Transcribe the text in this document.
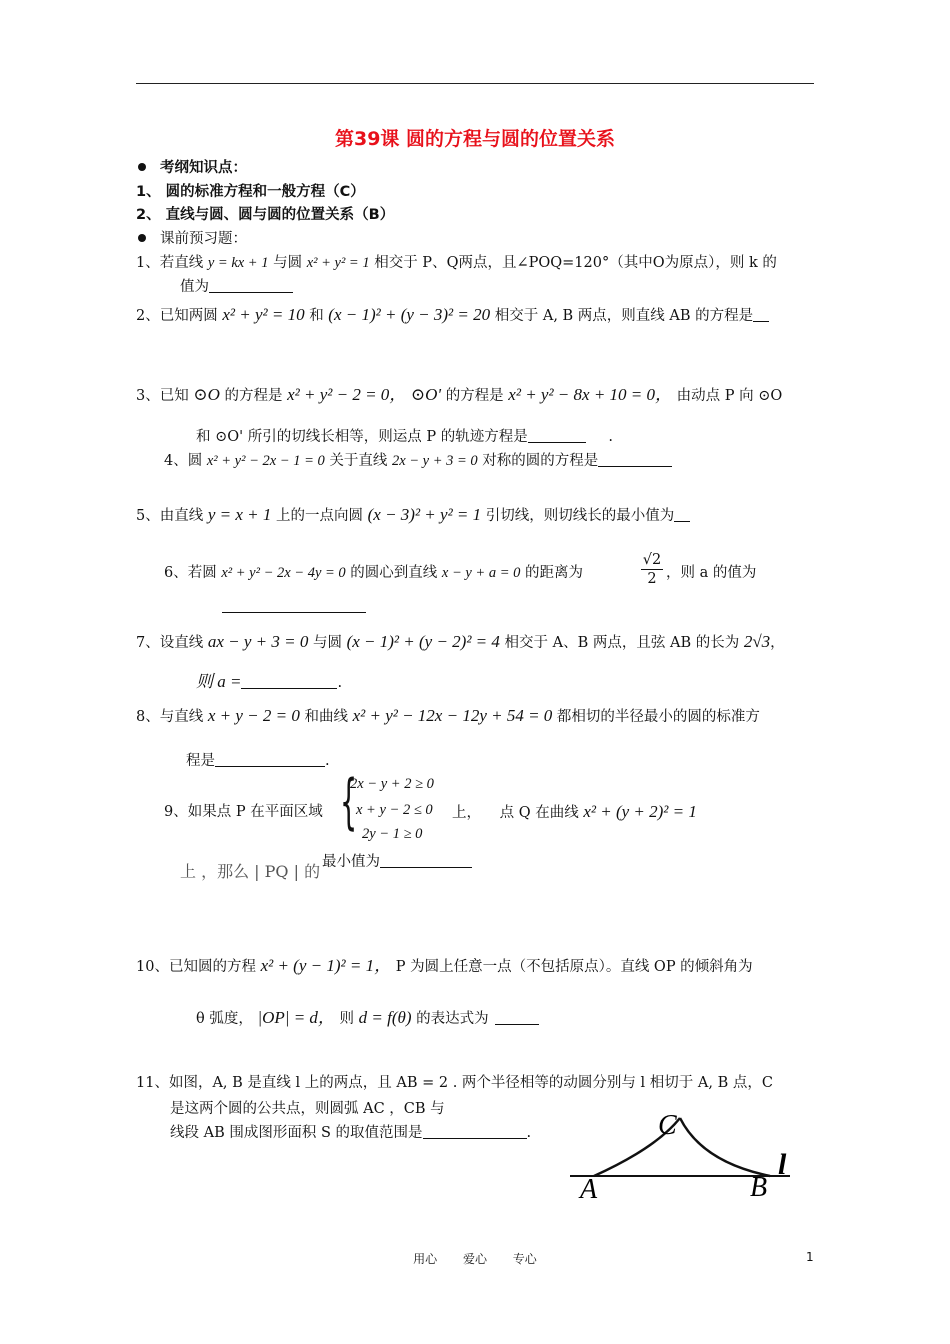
第39课 圆的方程与圆的位置关系
考纲知识点：
1、 圆的标准方程和一般方程（C）
2、 直线与圆、圆与圆的位置关系（B）
课前预习题：
1、若直线 y = kx + 1 与圆 x² + y² = 1 相交于 P、Q两点，且∠POQ=120°（其中O为原点），则 k 的
值为
2、已知两圆 x² + y² = 10 和 (x − 1)² + (y − 3)² = 20 相交于 A, B 两点，则直线 AB 的方程是
3、已知 ⊙O 的方程是 x² + y² − 2 = 0， ⊙O' 的方程是 x² + y² − 8x + 10 = 0， 由动点 P 向 ⊙O
和 ⊙O' 所引的切线长相等，则运点 P 的轨迹方程是	.
4、圆 x² + y² − 2x − 1 = 0 关于直线 2x − y + 3 = 0 对称的圆的方程是
5、由直线 y = x + 1 上的一点向圆 (x − 3)² + y² = 1 引切线，则切线长的最小值为
6、若圆 x² + y² − 2x − 4y = 0 的圆心到直线 x − y + a = 0 的距离为	$\frac{√2}{2}$ ，则 a 的值为
7、设直线 ax − y + 3 = 0 与圆 (x − 1)² + (y − 2)² = 4 相交于 A、B 两点，且弦 AB 的长为 2√3，
则 a =	.
8、与直线 x + y − 2 = 0 和曲线 x² + y² − 12x − 12y + 54 = 0 都相切的半径最小的圆的标准方
程是	.
9、如果点 P 在平面区域 {
2x − y + 2 ≥ 0
x + y − 2 ≤ 0
2y − 1 ≥ 0
上， 点 Q 在曲线 x² + (y + 2)² = 1
上 ，那么 | PQ | 的 最小值为
10、已知圆的方程 x² + (y − 1)² = 1， P 为圆上任意一点（不包括原点）。直线 OP 的倾斜角为
θ 弧度， |OP| = d， 则 d = f(θ) 的表达式为
11、如图，A, B 是直线 l 上的两点，且 AB = 2 . 两个半径相等的动圆分别与 l 相切于 A, B 点，C
是这两个圆的公共点，则圆弧 AC ，CB 与
线段 AB 围成图形面积 S 的取值范围是	.
A	B
C
l
用心 爱心 专心	1
